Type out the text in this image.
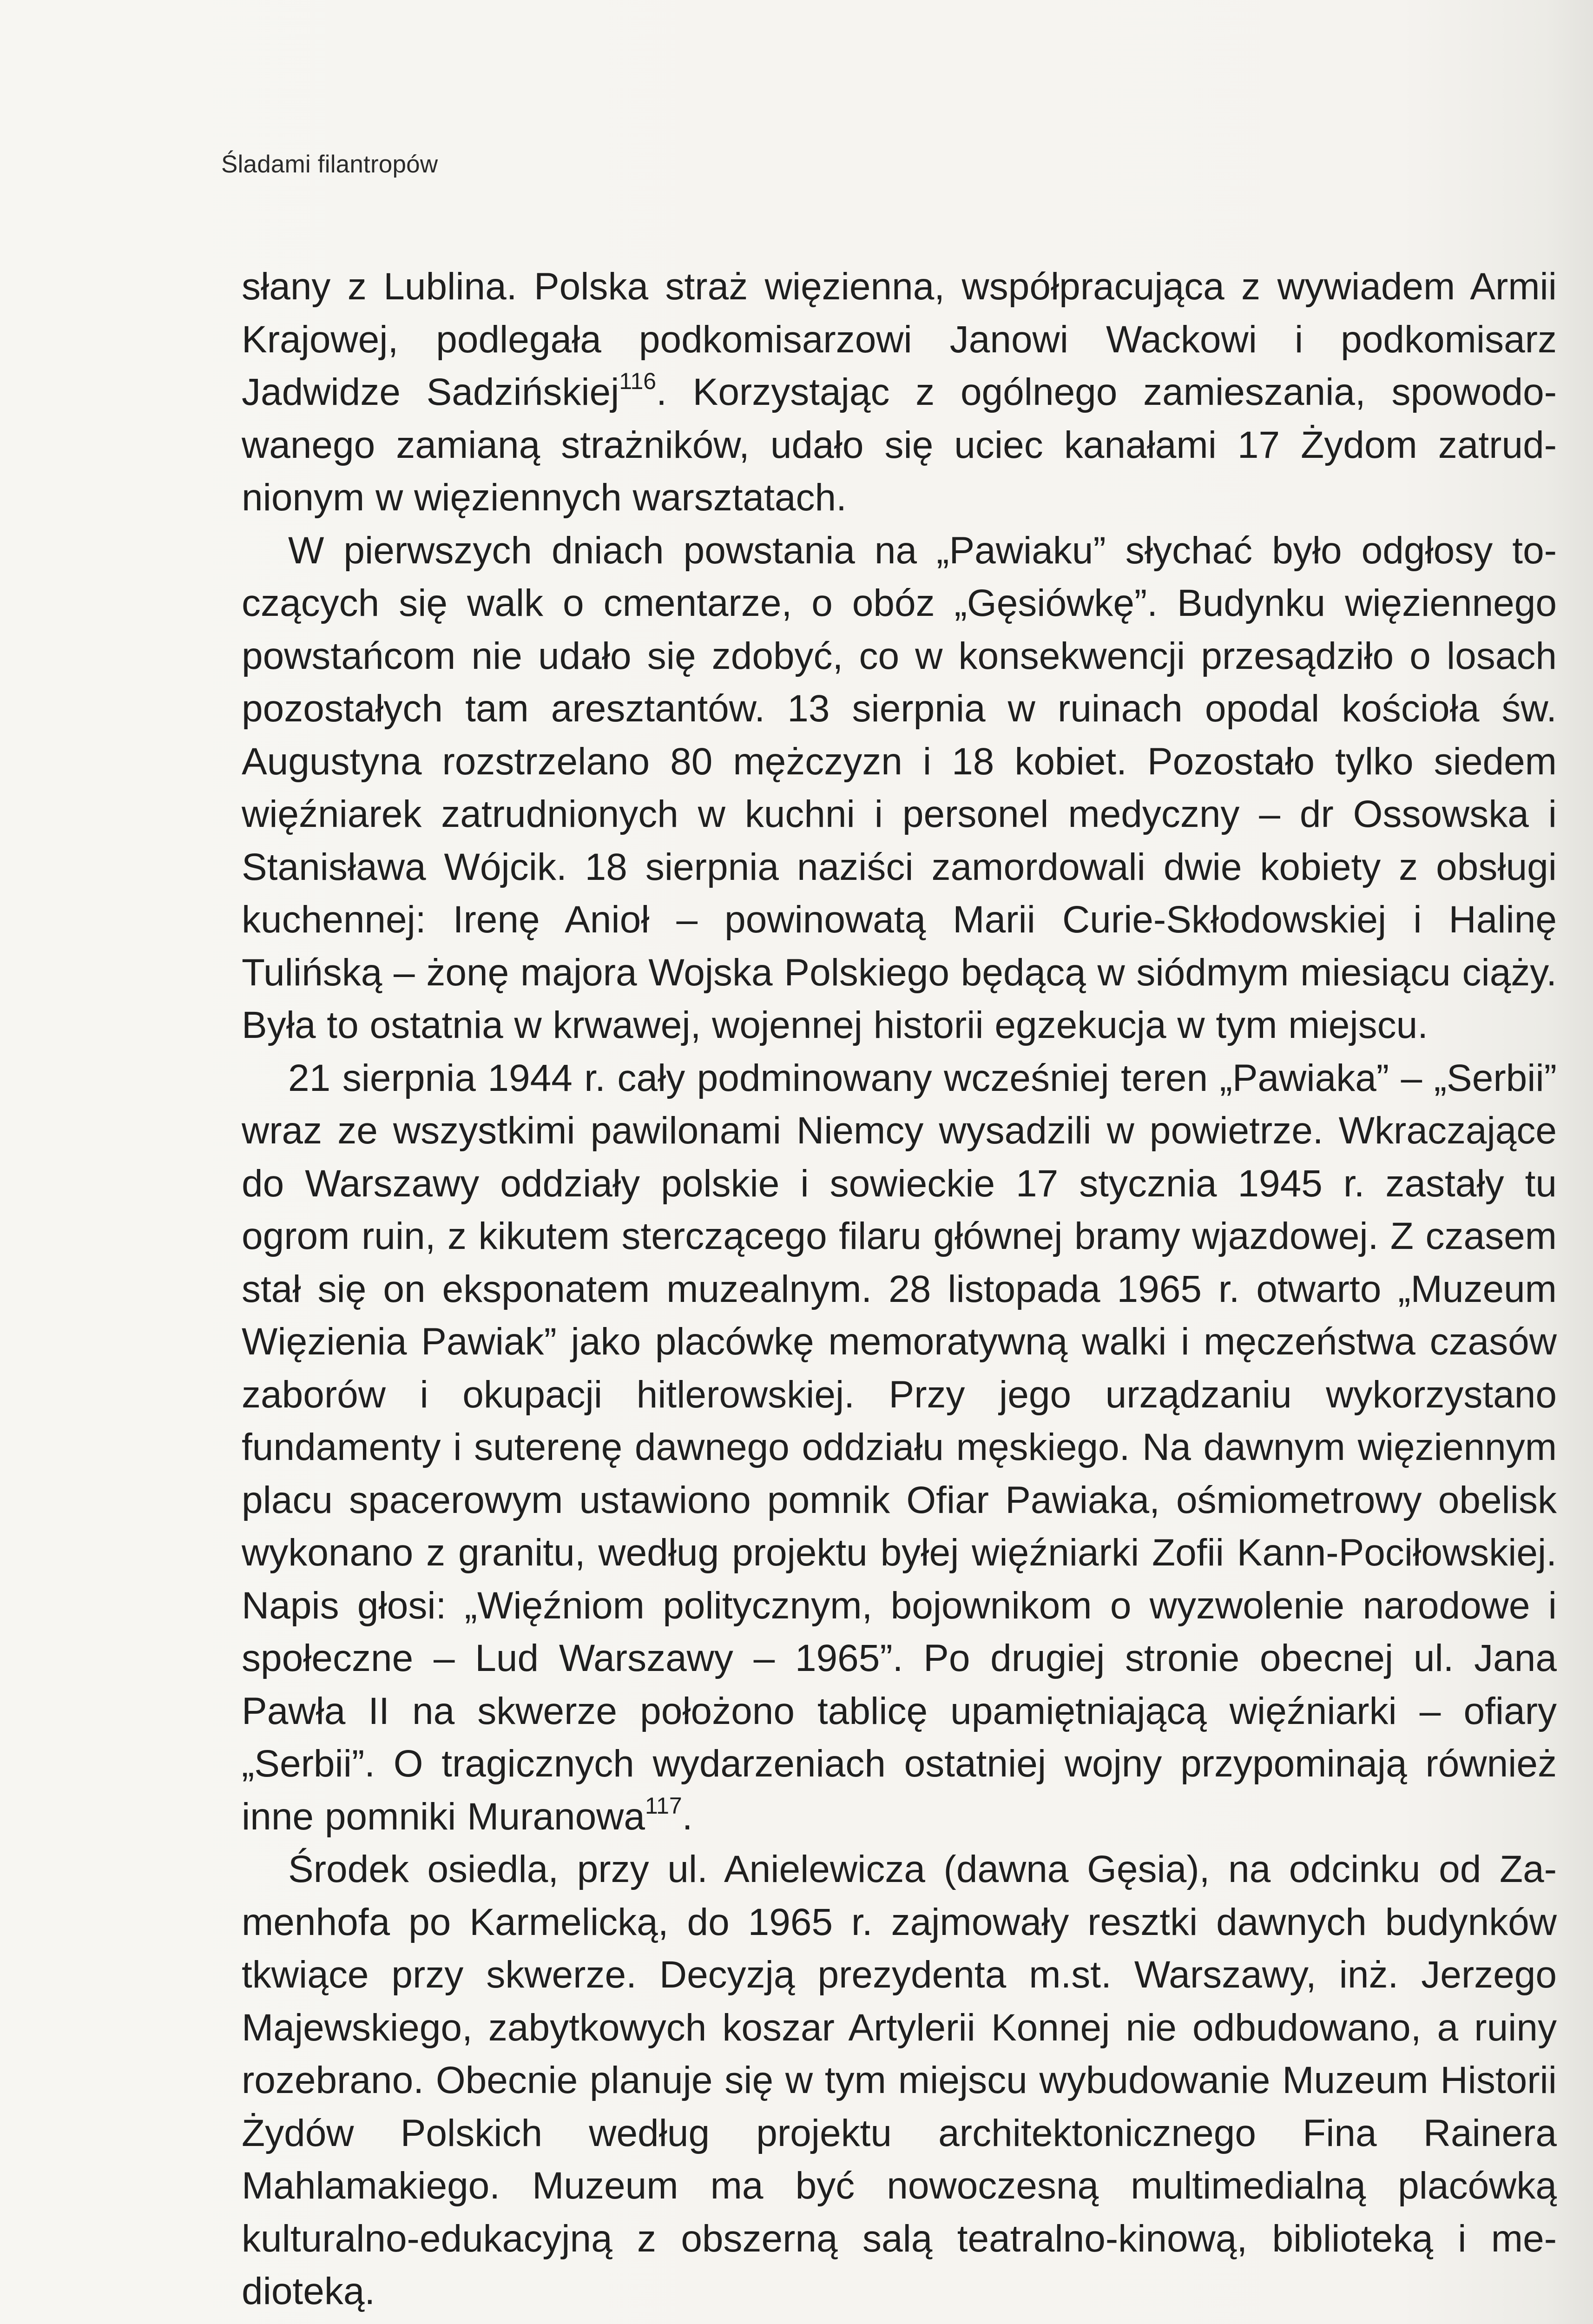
Śladami filantropów

słany z Lublina. Polska straż więzienna, współpracująca z wywiadem Armii Krajowej, podlegała podkomisarzowi Janowi Wackowi i podkomisarz Jadwidze Sadzińskiej$^{116}$. Korzystając z ogólnego zamieszania, spowodowanego zamianą strażników, udało się uciec kanałami 17 Żydom zatrudnionym w więziennych warsztatach.

W pierwszych dniach powstania na „Pawiaku” słychać było odgłosy toczących się walk o cmentarze, o obóz „Gęsiówkę”. Budynku więziennego powstańcom nie udało się zdobyć, co w konsekwencji przesądziło o losach pozostałych tam aresztantów. 13 sierpnia w ruinach opodal kościoła św. Augustyna rozstrzelano 80 mężczyzn i 18 kobiet. Pozostało tylko siedem więźniarek zatrudnionych w kuchni i personel medyczny – dr Ossowska i Stanisława Wójcik. 18 sierpnia naziści zamordowali dwie kobiety z obsługi kuchennej: Irenę Anioł – powinowatą Marii Curie-Skłodowskiej i Halinę Tulińską – żonę majora Wojska Polskiego będącą w siódmym miesiącu ciąży. Była to ostatnia w krwawej, wojennej historii egzekucja w tym miejscu.

21 sierpnia 1944 r. cały podminowany wcześniej teren „Pawiaka” – „Serbii” wraz ze wszystkimi pawilonami Niemcy wysadzili w powietrze. Wkraczające do Warszawy oddziały polskie i sowieckie 17 stycznia 1945 r. zastały tu ogrom ruin, z kikutem sterczącego filaru głównej bramy wjazdowej. Z czasem stał się on eksponatem muzealnym. 28 listopada 1965 r. otwarto „Muzeum Więzienia Pawiak” jako placówkę memoratywną walki i męczeństwa czasów zaborów i okupacji hitlerowskiej. Przy jego urządzaniu wykorzystano fundamenty i suterenę dawnego oddziału męskiego. Na dawnym więziennym placu spacerowym ustawiono pomnik Ofiar Pawiaka, ośmiometrowy obelisk wykonano z granitu, według projektu byłej więźniarki Zofii Kann-Pociłowskiej. Napis głosi: „Więźniom politycznym, bojownikom o wyzwolenie narodowe i społeczne – Lud Warszawy – 1965”. Po drugiej stronie obecnej ul. Jana Pawła II na skwerze położono tablicę upamiętniającą więźniarki – ofiary „Serbii”. O tragicznych wydarzeniach ostatniej wojny przypominają również inne pomniki Muranowa$^{117}$.

Środek osiedla, przy ul. Anielewicza (dawna Gęsia), na odcinku od Zamenhofa po Karmelicką, do 1965 r. zajmowały resztki dawnych budynków tkwiące przy skwerze. Decyzją prezydenta m.st. Warszawy, inż. Jerzego Majewskiego, zabytkowych koszar Artylerii Konnej nie odbudowano, a ruiny rozebrano. Obecnie planuje się w tym miejscu wybudowanie Muzeum Historii Żydów Polskich według projektu architektonicznego Fina Rainera Mahlamakiego. Muzeum ma być nowoczesną multimedialną placówką kulturalno-edukacyjną z obszerną salą teatralno-kinową, biblioteką i medioteką.
